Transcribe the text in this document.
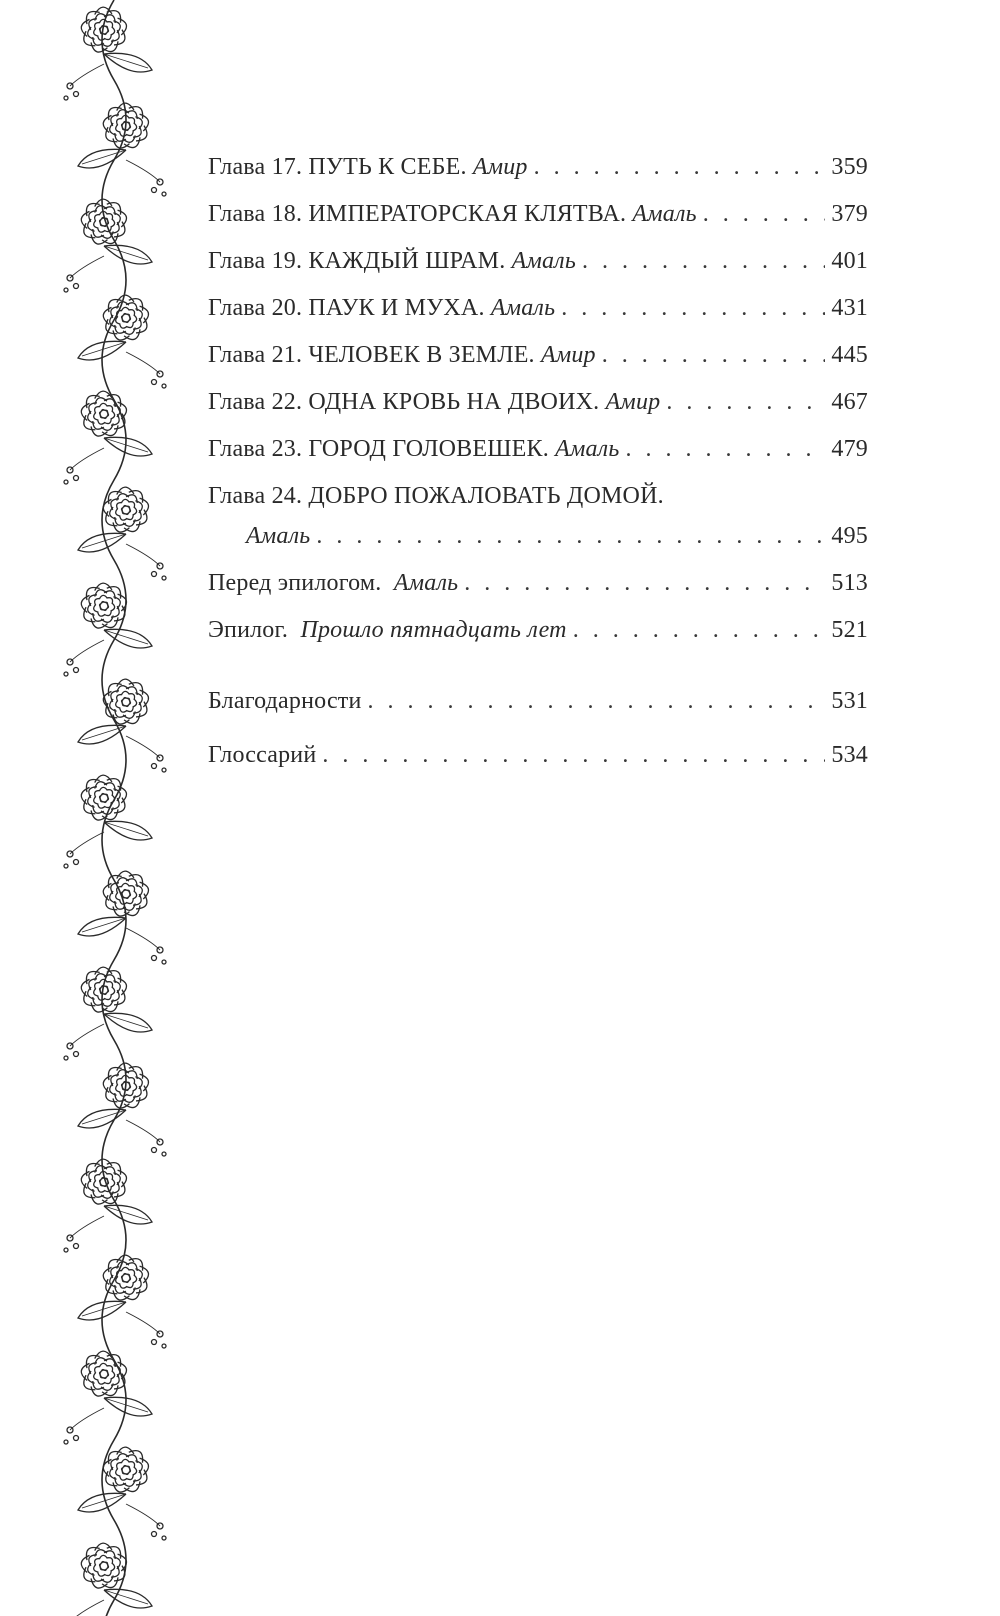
Глава 17. ПУТЬ К СЕБЕ. Амир . . .	359
Глава 18. ИМПЕРАТОРСКАЯ КЛЯТВА. Амаль . . .	379
Глава 19. КАЖДЫЙ ШРАМ. Амаль . . .	401
Глава 20. ПАУК И МУХА. Амаль . . .	431
Глава 21. ЧЕЛОВЕК В ЗЕМЛЕ. Амир . . .	445
Глава 22. ОДНА КРОВЬ НА ДВОИХ. Амир . . .	467
Глава 23. ГОРОД ГОЛОВЕШЕК. Амаль . . .	479
Глава 24. ДОБРО ПОЖАЛОВАТЬ ДОМОЙ.
Амаль . . .	495
Перед эпилогом. Амаль . . .	513
Эпилог. Прошло пятнадцать лет . . .	521
Благодарности . . .	531
Глоссарий . . .	534
